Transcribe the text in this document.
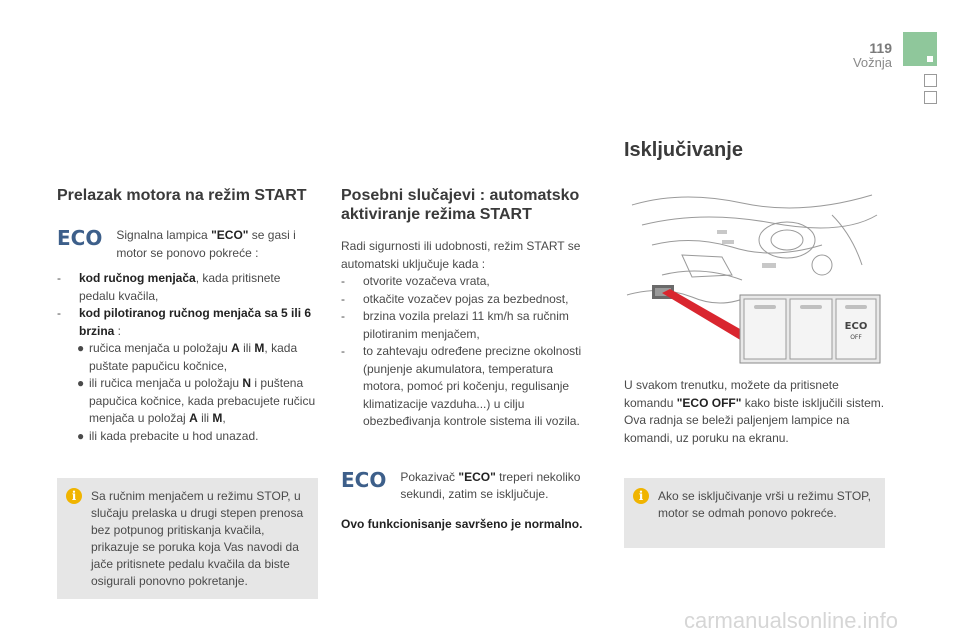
119
Vožnja
Prelazak motora na režim START
ECO Signalna lampica "ECO" se gasi i motor se ponovo pokreće :
-	kod ručnog menjača, kada pritisnete pedalu kvačila,
-	kod pilotiranog ručnog menjača sa 5 ili 6 brzina :
● ručica menjača u položaju A ili M, kada puštate papučicu kočnice,
● ili ručica menjača u položaju N i puštena papučica kočnice, kada prebacujete ručicu menjača u položaj A ili M,
● ili kada prebacite u hod unazad.
i	Sa ručnim menjačem u režimu STOP, u slučaju prelaska u drugi stepen prenosa bez potpunog pritiskanja kvačila, prikazuje se poruka koja Vas navodi da jače pritisnete pedalu kvačila da biste osigurali ponovno pokretanje.
Posebni slučajevi : automatsko aktiviranje režima START
Radi sigurnosti ili udobnosti, režim START se automatski uključuje kada :
-	otvorite vozačeva vrata,
-	otkačite vozačev pojas za bezbednost,
-	brzina vozila prelazi 11 km/h sa ručnim pilotiranim menjačem,
-	to zahtevaju određene precizne okolnosti (punjenje akumulatora, temperatura motora, pomoć pri kočenju, regulisanje klimatizacije vazduha...) u cilju obezbeđivanja kontrole sistema ili vozila.
ECO Pokazivač "ECO" treperi nekoliko sekundi, zatim se isključuje.
Ovo funkcionisanje savršeno je normalno.
Isključivanje
ECO
OFF
U svakom trenutku, možete da pritisnete komandu "ECO OFF" kako biste isključili sistem.
Ova radnja se beleži paljenjem lampice na komandi, uz poruku na ekranu.
i	Ako se isključivanje vrši u režimu STOP, motor se odmah ponovo pokreće.
carmanualsonline.info
